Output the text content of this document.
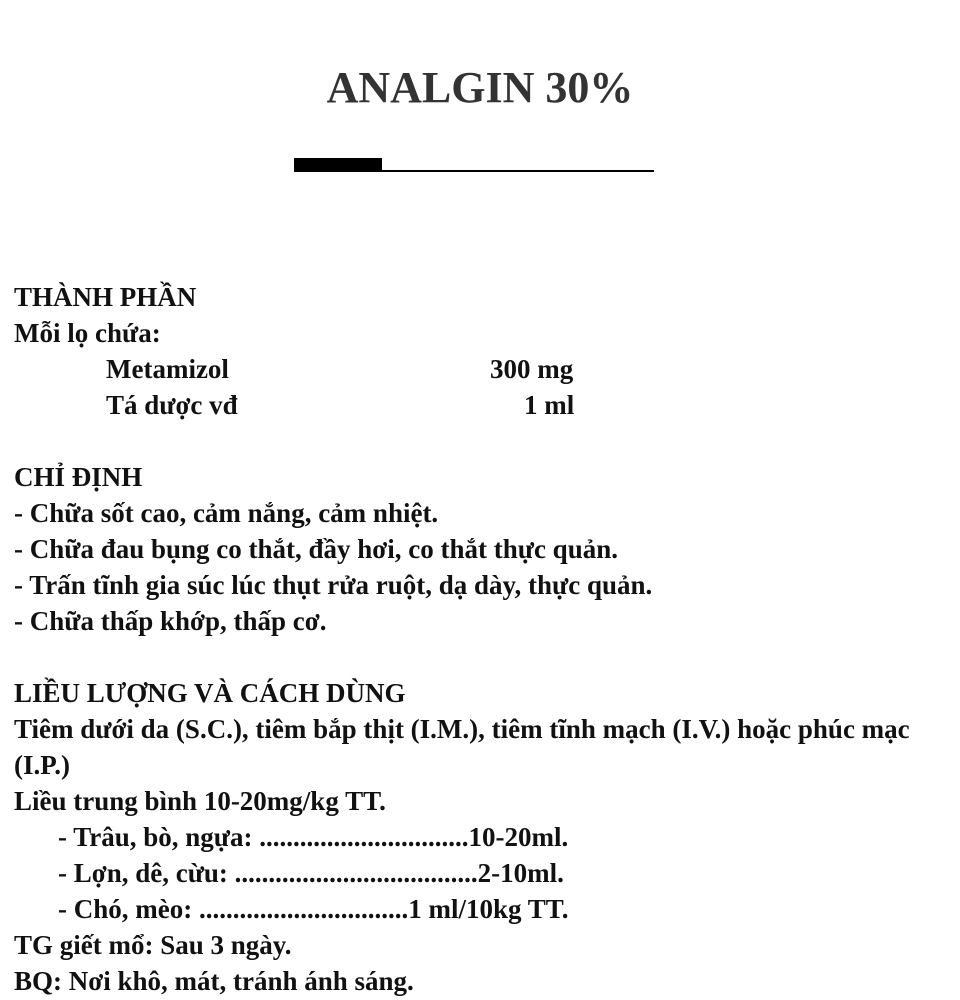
ANALGIN 30%
THÀNH PHẦN
Mỗi lọ chứa:
Metamizol	300 mg
Tá dược vđ	1 ml
CHỈ ĐỊNH
- Chữa sốt cao, cảm nắng, cảm nhiệt.
- Chữa đau bụng co thắt, đầy hơi, co thắt thực quản.
- Trấn tĩnh gia súc lúc thụt rửa ruột, dạ dày, thực quản.
- Chữa thấp khớp, thấp cơ.
LIỀU LƯỢNG VÀ CÁCH DÙNG
Tiêm dưới da (S.C.), tiêm bắp thịt (I.M.), tiêm tĩnh mạch (I.V.) hoặc phúc mạc (I.P.)
Liều trung bình 10-20mg/kg TT.
- Trâu, bò, ngựa: ...............................10-20ml.
- Lợn, dê, cừu: ....................................2-10ml.
- Chó, mèo: ...............................1 ml/10kg TT.
TG giết mổ: Sau 3 ngày.
BQ: Nơi khô, mát, tránh ánh sáng.
